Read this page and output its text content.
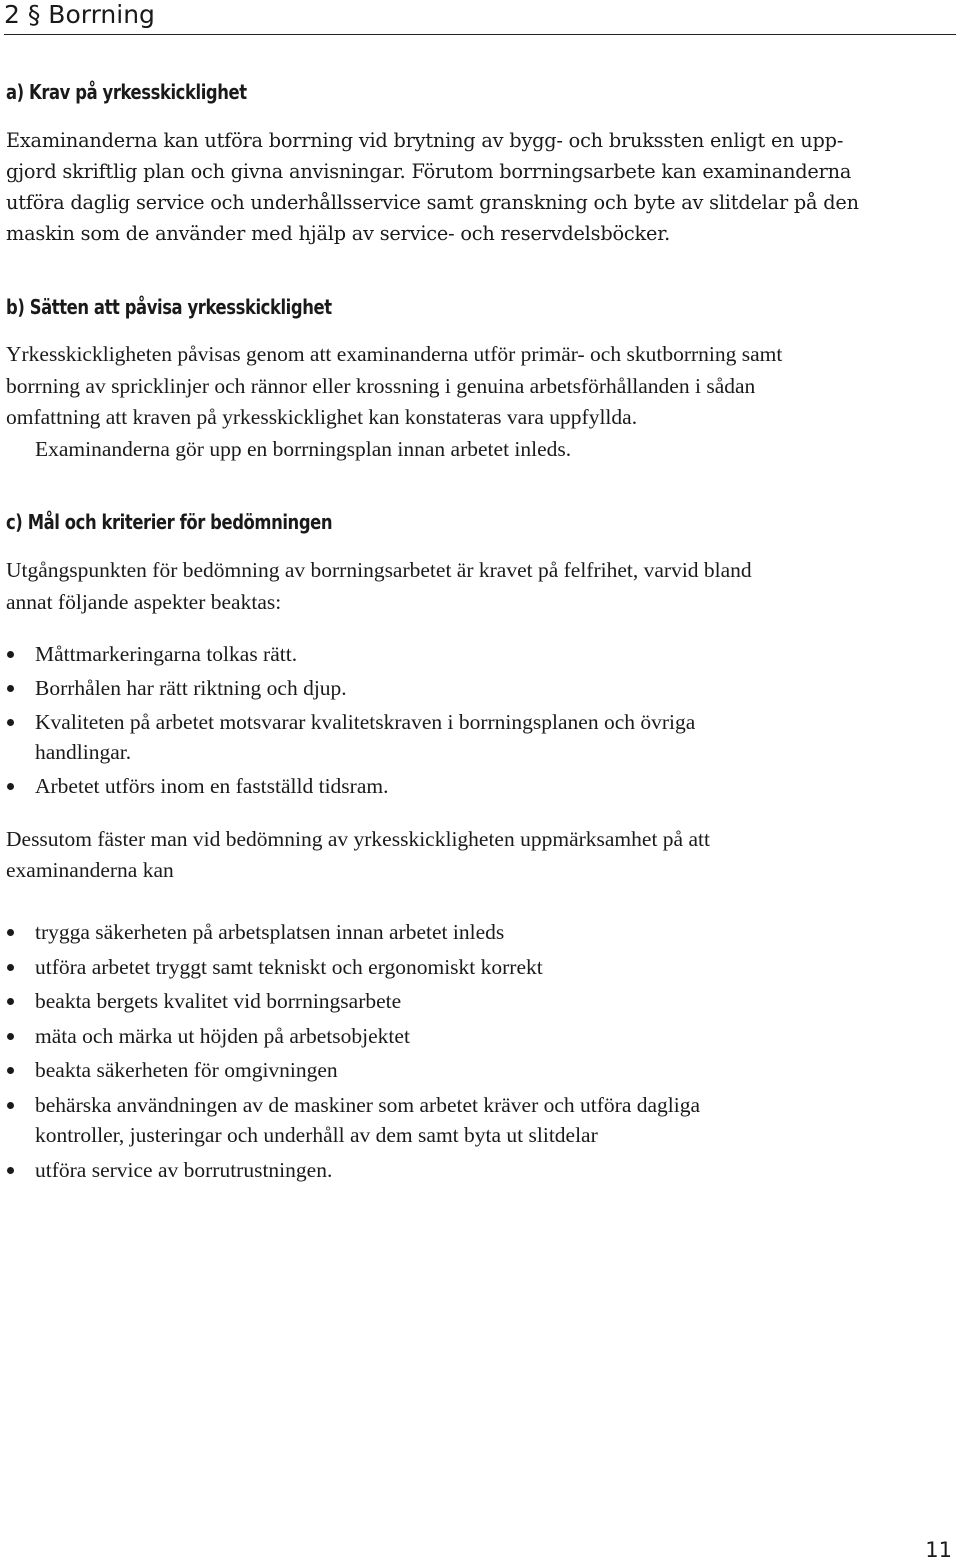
2 § Borrning
a) Krav på yrkesskicklighet
Examinanderna kan utföra borrning vid brytning av bygg- och brukssten enligt en upp-
gjord skriftlig plan och givna anvisningar. Förutom borrningsarbete kan examinanderna
utföra daglig service och underhållsservice samt granskning och byte av slitdelar på den
maskin som de använder med hjälp av service- och reservdelsböcker.
b) Sätten att påvisa yrkesskicklighet
Yrkesskickligheten påvisas genom att examinanderna utför primär- och skutborrning samt
borrning av spricklinjer och rännor eller krossning i genuina arbetsförhållanden i sådan
omfattning att kraven på yrkesskicklighet kan konstateras vara uppfyllda.
Examinanderna gör upp en borrningsplan innan arbetet inleds.
c) Mål och kriterier för bedömningen
Utgångspunkten för bedömning av borrningsarbetet är kravet på felfrihet, varvid bland
annat följande aspekter beaktas:
Måttmarkeringarna tolkas rätt.
Borrhålen har rätt riktning och djup.
Kvaliteten på arbetet motsvarar kvalitetskraven i borrningsplanen och övriga
handlingar.
Arbetet utförs inom en fastställd tidsram.
Dessutom fäster man vid bedömning av yrkesskickligheten uppmärksamhet på att
examinanderna kan
trygga säkerheten på arbetsplatsen innan arbetet inleds
utföra arbetet tryggt samt tekniskt och ergonomiskt korrekt
beakta bergets kvalitet vid borrningsarbete
mäta och märka ut höjden på arbetsobjektet
beakta säkerheten för omgivningen
behärska användningen av de maskiner som arbetet kräver och utföra dagliga
kontroller, justeringar och underhåll av dem samt byta ut slitdelar
utföra service av borrutrustningen.
11
